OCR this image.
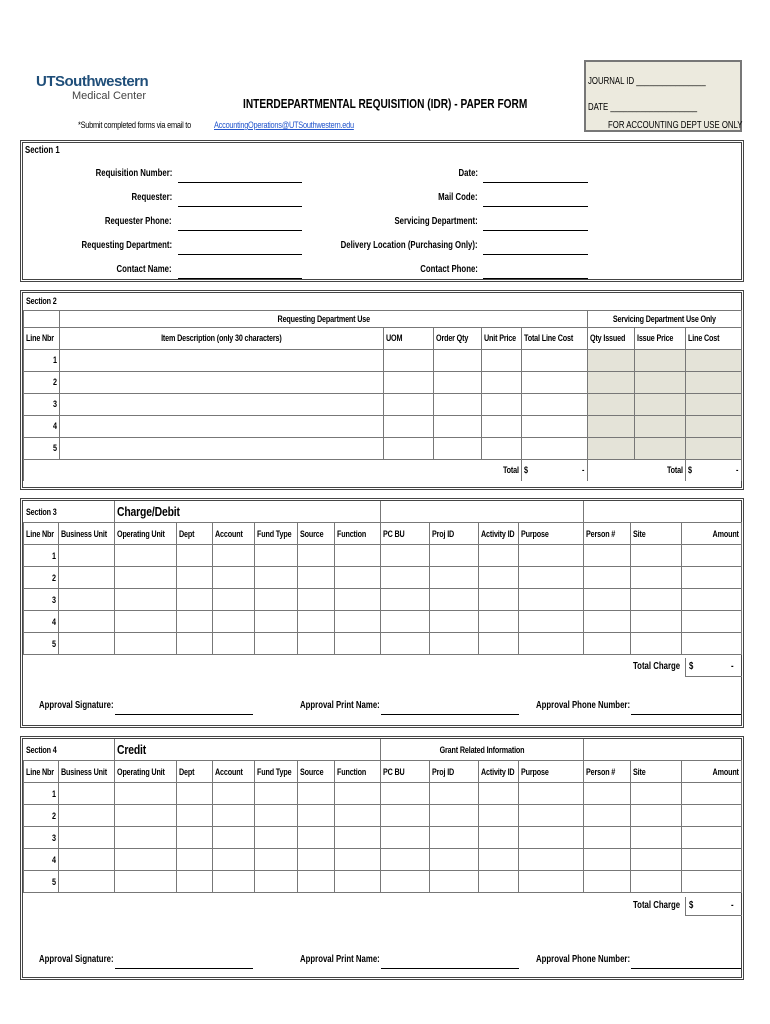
UTSouthwestern
Medical Center	INTERDEPARTMENTAL REQUISITION (IDR) - PAPER FORM
*Submit completed forms via email to	AccountingOperations@UTSouthwestern.edu
JOURNAL ID ________________
DATE ____________________
FOR ACCOUNTING DEPT USE ONLY
Section 1
Requisition Number:
Requester:
Requester Phone:
Requesting Department:
Contact Name:
Date:
Mail Code:
Servicing Department:
Delivery Location (Purchasing Only):
Contact Phone:
Section 2								
	Requesting Department Use					Servicing Department Use Only		
Line Nbr	Item Description (only 30 characters)	UOM	Order Qty	Unit Price	Total Line Cost	Qty Issued	Issue Price	Line Cost
1								
2								
3								
4								
5								
Total					$ -	Total		$ -
Section 3		Charge/Debit												
Line Nbr	Business Unit	Operating Unit	Dept	Account	Fund Type	Source	Function	PC BU	Proj ID	Activity ID	Purpose	Person #	Site	Amount
1														
2														
3														
4														
5														
Total Charge $	-
Approval Signature:	Approval Print Name:	Approval Phone Number:
Section 4		Credit						Grant Related Information						
Line Nbr	Business Unit	Operating Unit	Dept	Account	Fund Type	Source	Function	PC BU	Proj ID	Activity ID	Purpose	Person #	Site	Amount
1														
2														
3														
4														
5														
Total Charge $	-
Approval Signature:	Approval Print Name:	Approval Phone Number:
